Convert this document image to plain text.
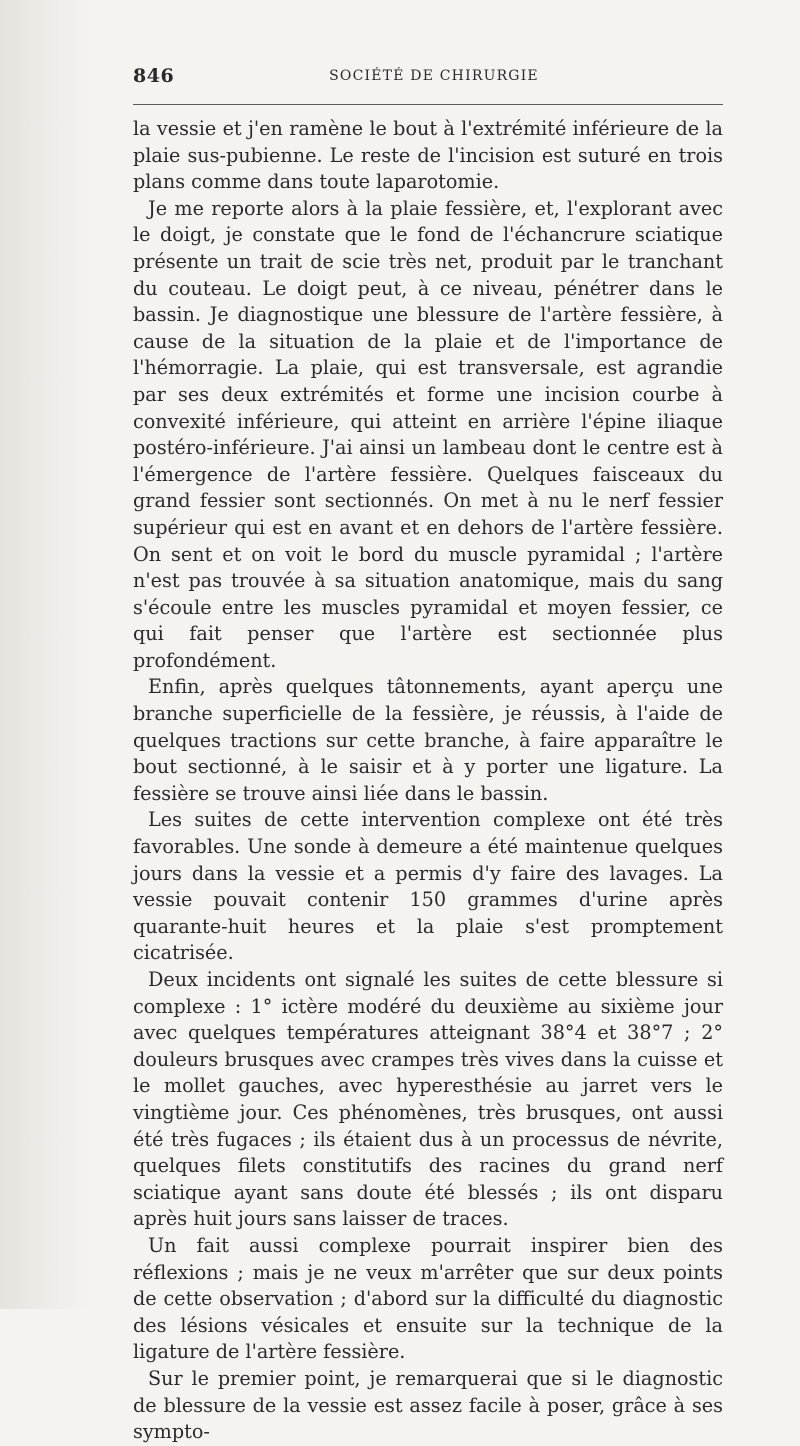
846	SOCIÉTÉ DE CHIRURGIE

la vessie et j'en ramène le bout à l'extrémité inférieure de la plaie sus-pubienne. Le reste de l'incision est suturé en trois plans comme dans toute laparotomie.

Je me reporte alors à la plaie fessière, et, l'explorant avec le doigt, je constate que le fond de l'échancrure sciatique présente un trait de scie très net, produit par le tranchant du couteau. Le doigt peut, à ce niveau, pénétrer dans le bassin. Je diagnostique une blessure de l'artère fessière, à cause de la situation de la plaie et de l'importance de l'hémorragie. La plaie, qui est transversale, est agrandie par ses deux extrémités et forme une incision courbe à convexité inférieure, qui atteint en arrière l'épine iliaque postéro-inférieure. J'ai ainsi un lambeau dont le centre est à l'émergence de l'artère fessière. Quelques faisceaux du grand fessier sont sectionnés. On met à nu le nerf fessier supérieur qui est en avant et en dehors de l'artère fessière. On sent et on voit le bord du muscle pyramidal ; l'artère n'est pas trouvée à sa situation anatomique, mais du sang s'écoule entre les muscles pyramidal et moyen fessier, ce qui fait penser que l'artère est sectionnée plus profondément.

Enfin, après quelques tâtonnements, ayant aperçu une branche superficielle de la fessière, je réussis, à l'aide de quelques tractions sur cette branche, à faire apparaître le bout sectionné, à le saisir et à y porter une ligature. La fessière se trouve ainsi liée dans le bassin.

Les suites de cette intervention complexe ont été très favorables. Une sonde à demeure a été maintenue quelques jours dans la vessie et a permis d'y faire des lavages. La vessie pouvait contenir 150 grammes d'urine après quarante-huit heures et la plaie s'est promptement cicatrisée.

Deux incidents ont signalé les suites de cette blessure si complexe : 1° ictère modéré du deuxième au sixième jour avec quelques températures atteignant 38°4 et 38°7 ; 2° douleurs brusques avec crampes très vives dans la cuisse et le mollet gauches, avec hyperesthésie au jarret vers le vingtième jour. Ces phénomènes, très brusques, ont aussi été très fugaces ; ils étaient dus à un processus de névrite, quelques filets constitutifs des racines du grand nerf sciatique ayant sans doute été blessés ; ils ont disparu après huit jours sans laisser de traces.

Un fait aussi complexe pourrait inspirer bien des réflexions ; mais je ne veux m'arrêter que sur deux points de cette observation ; d'abord sur la difficulté du diagnostic des lésions vésicales et ensuite sur la technique de la ligature de l'artère fessière.

Sur le premier point, je remarquerai que si le diagnostic de blessure de la vessie est assez facile à poser, grâce à ses sympto-
